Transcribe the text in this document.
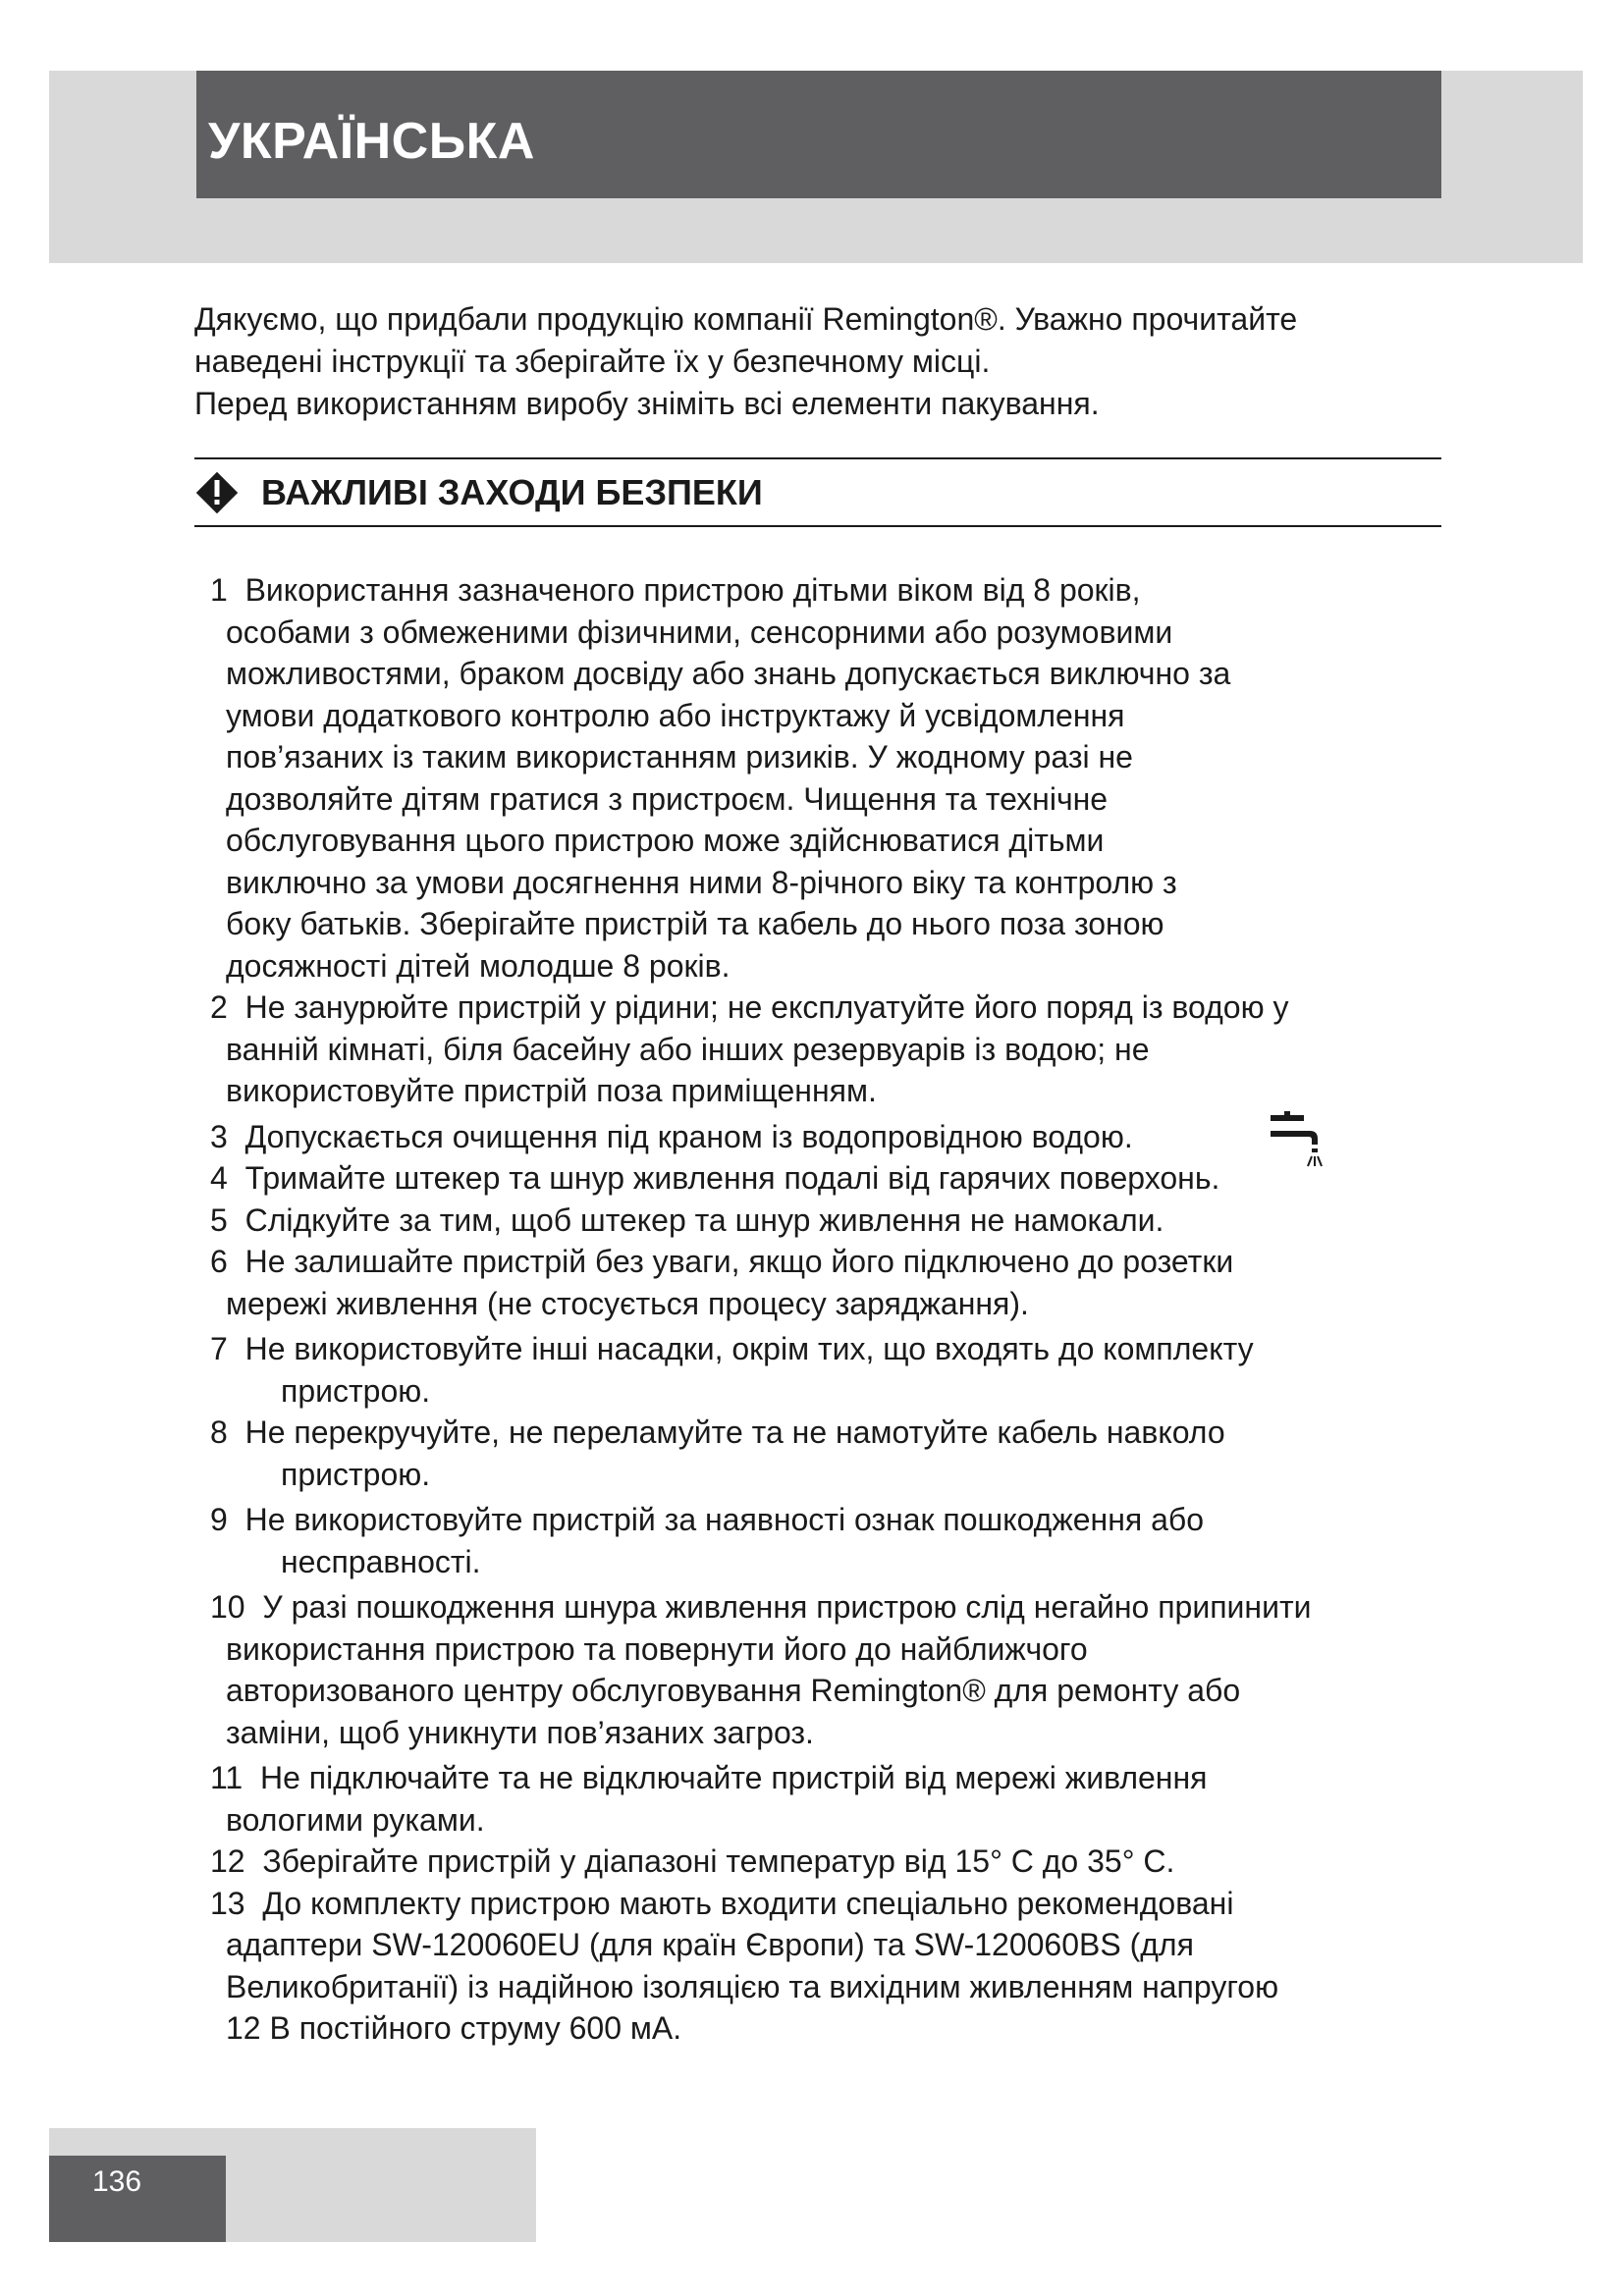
УКРАЇНСЬКА

Дякуємо, що придбали продукцію компанії Remington®. Уважно прочитайте

наведені інструкції та зберігайте їх у безпечному місці.

Перед використанням виробу зніміть всі елементи пакування.

ВАЖЛИВІ ЗАХОДИ БЕЗПЕКИ
1 Використання зазначеного пристрою дітьми віком від 8 років,
особами з обмеженими фізичними, сенсорними або розумовими
можливостями, браком досвіду або знань допускається виключно за
умови додаткового контролю або інструктажу й усвідомлення
пов’язаних із таким використанням ризиків. У жодному разі не
дозволяйте дітям гратися з пристроєм. Чищення та технічне
обслуговування цього пристрою може здійснюватися дітьми
виключно за умови досягнення ними 8-річного віку та контролю з
боку батьків. Зберігайте пристрій та кабель до нього поза зоною
досяжності дітей молодше 8 років.
2 Не занурюйте пристрій у рідини; не експлуатуйте його поряд із водою у
ванній кімнаті, біля басейну або інших резервуарів із водою; не
використовуйте пристрій поза приміщенням.
3 Допускається очищення під краном із водопровідною водою.
4 Тримайте штекер та шнур живлення подалі від гарячих поверхонь.
5 Слідкуйте за тим, щоб штекер та шнур живлення не намокали.
6 Не залишайте пристрій без уваги, якщо його підключено до розетки
мережі живлення (не стосується процесу заряджання).
7 Не використовуйте інші насадки, окрім тих, що входять до комплекту
пристрою.
8 Не перекручуйте, не переламуйте та не намотуйте кабель навколо
пристрою.
9 Не використовуйте пристрій за наявності ознак пошкодження або
несправності.
10 У разі пошкодження шнура живлення пристрою слід негайно припинити
використання пристрою та повернути його до найближчого
авторизованого центру обслуговування Remington® для ремонту або
заміни, щоб уникнути пов’язаних загроз.
11 Не підключайте та не відключайте пристрій від мережі живлення
вологими руками.
12 Зберігайте пристрій у діапазоні температур від 15° C до 35° C.
13 До комплекту пристрою мають входити спеціально рекомендовані
адаптери SW-120060EU (для країн Європи) та SW-120060BS (для
Великобританії) із надійною ізоляцією та вихідним живленням напругою
12 В постійного струму 600 мА.

136
